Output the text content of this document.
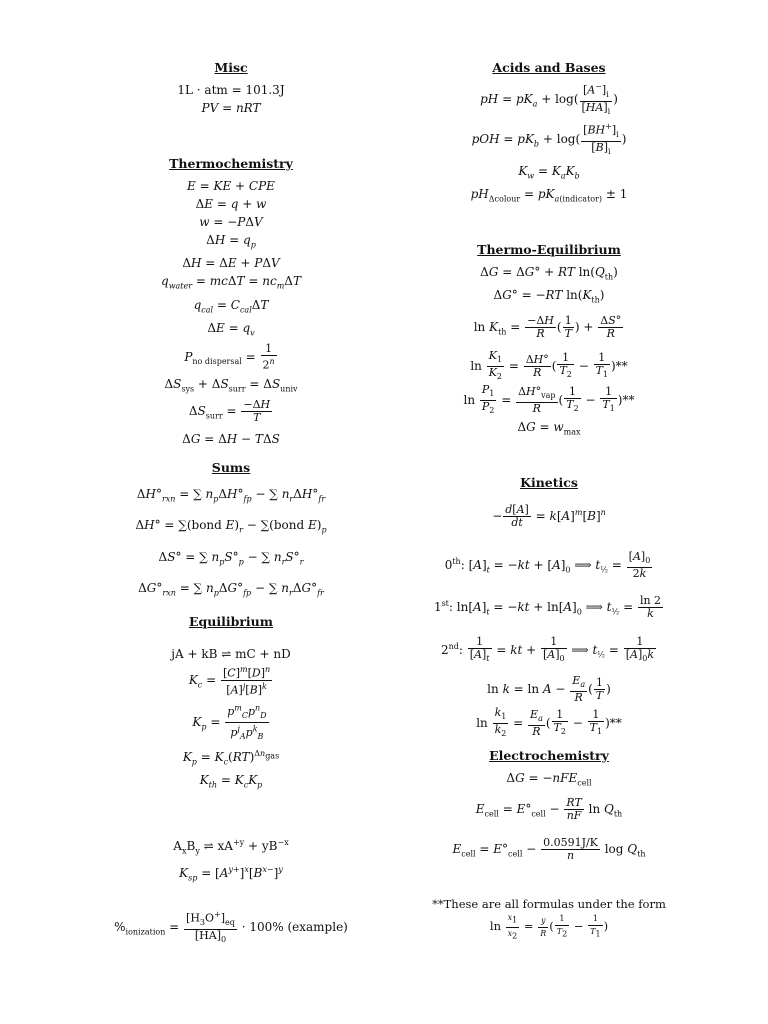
Misc
1L · atm = 101.3J
PV = nRT
Thermochemistry
E = KE + CPE
ΔE = q + w
w = −PΔV
$\Delta H = q_p$
ΔH = ΔE + PΔV
$q_{water} = mc\Delta T = nc_m\Delta T$
$q_{cal} = C_{cal}\Delta T$
$\Delta E = q_v$
$P_{no dispersal} = \frac{1}{2^n}$
$\Delta S_{sys} + \Delta S_{surr} = \Delta S_{univ}$
$\Delta S_{surr} = \frac{-\Delta H}{T}$
ΔG = ΔH − TΔS
Sums
$\Delta H^\circ_{rxn}$ = ∑ $n_p\Delta H^\circ_{fp}$ − ∑ $n_r\Delta H^\circ_{fr}$
ΔH° = ∑(bond $E)_r$ − ∑(bond $E)_p$
ΔS° = ∑ $n_pS^\circ_p$ − ∑ $n_rS^\circ_r$
$\Delta G^\circ_{rxn}$ = ∑ $n_p\Delta G^\circ_{fp}$ − ∑ $n_r\Delta G^\circ_{fr}$
Equilibrium
jA + kB ⇌ mC + nD
$K_c = \frac{[C]^m[D]^n}{[A]^j[B]^k}$
$K_p = \frac{p^m_Cp^n_D}{p^j_Ap^k_B}$
$K_p = K_c(RT)^{\Delta n_{gas}}$
$K_{th} = K_cK_p$
$A_xB_y$ ⇌ $xA^{+y} + yB^{-x}$
$K_{sp} = [A^{y+}]^x[B^{x-}]^y$
$\%_{ionization} = \frac{[H_3O^+]_{eq}}{[HA]_0} \cdot 100\%$ (example)
Acids and Bases
pH = $pK_a + \log( \frac{[A^-]_i}{[HA]_i}$ )
pOH = $pK_b + \log( \frac{[BH^+]_i}{[B]_i}$ )
$K_w = K_aK_b$
$pH_{\Delta colour} = pK_{a(indicator)} \pm 1$
Thermo-Equilibrium
ΔG = ΔG° + RT $\ln(Q_{th})$
ΔG° = −RT $\ln(K_{th})$
$\ln K_{th} = \frac{-\Delta H}{R}$ ( $\frac{1}{T}$ ) + $\frac{\Delta S^\circ}{R}$
$\ln \frac{K_1}{K_2} = \frac{\Delta H^\circ}{R}$ ( $\frac{1}{T_2} - \frac{1}{T_1}$ )**
$\ln \frac{P_1}{P_2} = \frac{\Delta H^\circ_{vap}}{R}$ ( $\frac{1}{T_2} - \frac{1}{T_1}$ )**
$\Delta G = w_{max}$
Kinetics
− $\frac{d[A]}{dt} = k[A]^m[B]^n$
0th: $[A]_t = -kt + [A]_0$ ⟹ $t_{\frac{1}{2}} = \frac{[A]_0}{2k}$
1st: $\ln[A]_t = -kt + \ln[A]_0$ ⟹ $t_{\frac{1}{2}} = \frac{\ln 2}{k}$
2nd: $\frac{1}{[A]_t}$ = kt + $\frac{1}{[A]_0}$ ⟹ $t_{\frac{1}{2}} = \frac{1}{[A]_0k}$
$\ln k = \ln A - \frac{E_a}{R}$ ( $\frac{1}{T}$ )
$\ln \frac{k_1}{k_2} = \frac{E_a}{R}$ ( $\frac{1}{T_2} - \frac{1}{T_1}$ )**
Electrochemistry
ΔG = −nFE$_{cell}$
$E_{cell} = E^\circ_{cell} - \frac{RT}{nF}$ $\ln Q_{th}$
$E_{cell} = E^\circ_{cell} - \frac{0.0591J/K}{n}$ $\log Q_{th}$
**These are all formulas under the form
$\ln \frac{x_1}{x_2} = \frac{y}{R}$ ( $\frac{1}{T_2} - \frac{1}{T_1}$ )
